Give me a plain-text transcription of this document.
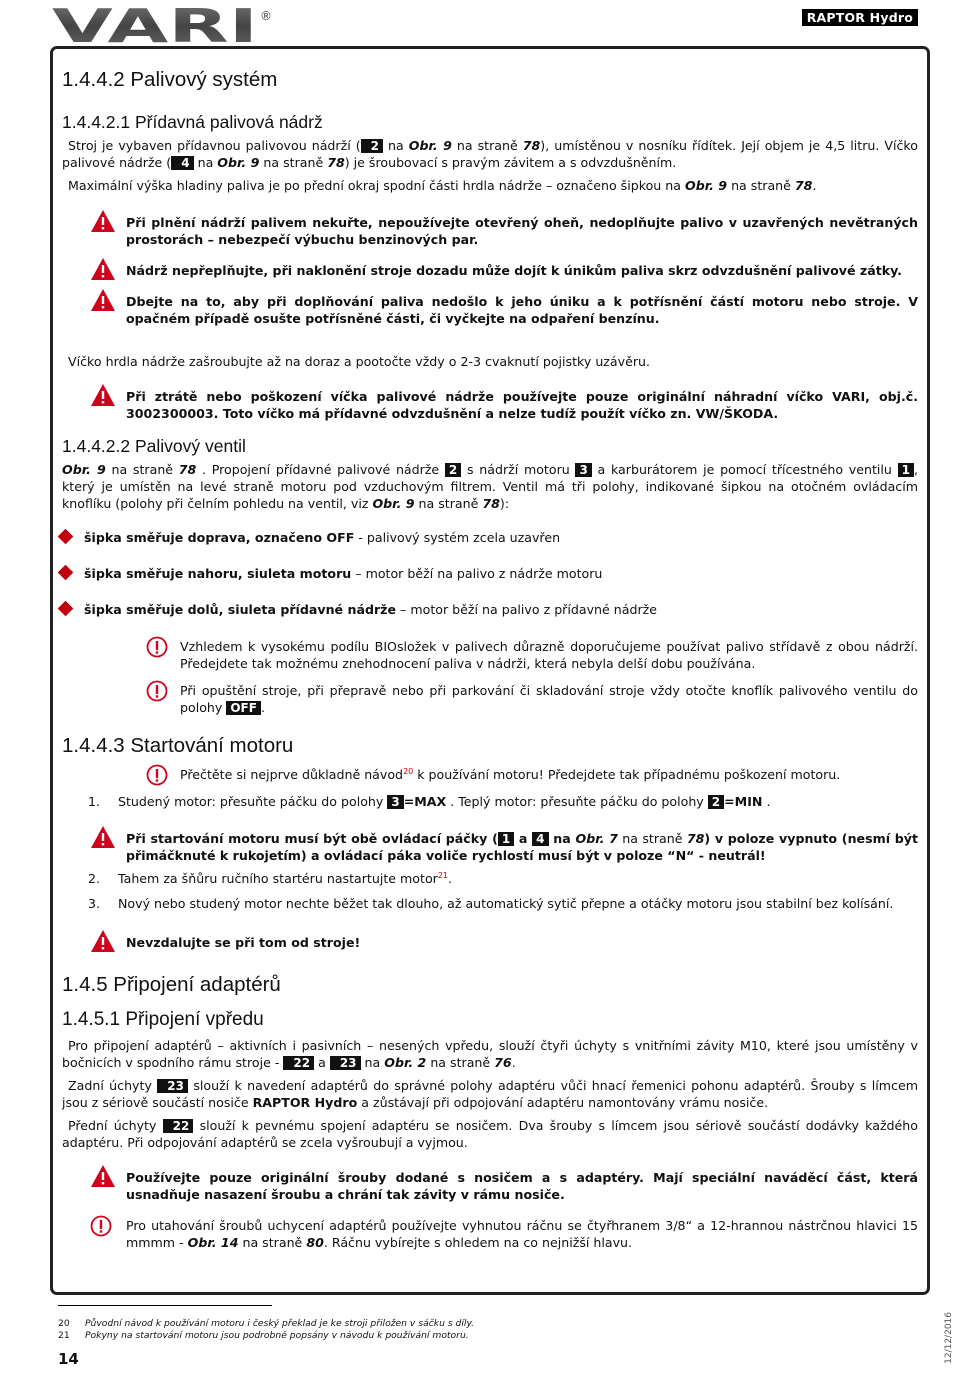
VARI ®	RAPTOR Hydro
1.4.4.2 Palivový systém
1.4.4.2.1 Přídavná palivová nádrž

Stroj je vybaven přídavnou palivovou nádrží ( 2 na Obr. 9 na straně 78), umístěnou v nosníku řídítek. Její objem je 4,5 litru. Víčko palivové nádrže ( 4 na Obr. 9 na straně 78) je šroubovací s pravým závitem a s odvzdušněním.

Maximální výška hladiny paliva je po přední okraj spodní části hrdla nádrže – označeno šipkou na Obr. 9 na straně 78.

Při plnění nádrží palivem nekuřte, nepoužívejte otevřený oheň, nedoplňujte palivo v uzavřených nevětraných prostorách – nebezpečí výbuchu benzinových par.
Nádrž nepřeplňujte, při naklonění stroje dozadu může dojít k únikům paliva skrz odvzdušnění palivové zátky.
Dbejte na to, aby při doplňování paliva nedošlo k jeho úniku a k potřísnění částí motoru nebo stroje. V opačném případě osušte potřísněné části, či vyčkejte na odpaření benzínu.

Víčko hrdla nádrže zašroubujte až na doraz a pootočte vždy o 2-3 cvaknutí pojistky uzávěru.

Při ztrátě nebo poškození víčka palivové nádrže používejte pouze originální náhradní víčko VARI, obj.č. 3002300003. Toto víčko má přídavné odvzdušnění a nelze tudíž použít víčko zn. VW/ŠKODA.
1.4.4.2.2 Palivový ventil

Obr. 9 na straně 78 . Propojení přídavné palivové nádrže 2 s nádrží motoru 3 a karburátorem je pomocí třícestného ventilu 1 , který je umístěn na levé straně motoru pod vzduchovým filtrem. Ventil má tři polohy, indikované šipkou na otočném ovládacím knoflíku (polohy při čelním pohledu na ventil, viz Obr. 9 na straně 78):

šipka směřuje doprava, označeno OFF - palivový systém zcela uzavřen
šipka směřuje nahoru, siuleta motoru – motor běží na palivo z nádrže motoru
šipka směřuje dolů, siuleta přídavné nádrže – motor běží na palivo z přídavné nádrže
Vzhledem k vysokému podílu BIOsložek v palivech důrazně doporučujeme používat palivo střídavě z obou nádrží. Předejdete tak možnému znehodnocení paliva v nádrži, která nebyla delší dobu používána.
Při opuštění stroje, při přepravě nebo při parkování či skladování stroje vždy otočte knoflík palivového ventilu do polohy OFF .
1.4.4.3 Startování motoru
Přečtěte si nejprve důkladně návod$^{20}$ k používání motoru! Předejdete tak případnému poškození motoru.
1. Studený motor: přesuňte páčku do polohy 3 =MAX . Teplý motor: přesuňte páčku do polohy 2 =MIN .
Při startování motoru musí být obě ovládací páčky ( 1 a 4 na Obr. 7 na straně 78) v poloze vypnuto (nesmí být přimáčknuté k rukojetím) a ovládací páka voliče rychlostí musí být v poloze “N“ - neutrál!
2. Tahem za šňůru ručního startéru nastartujte motor$^{21}$.
3. Nový nebo studený motor nechte běžet tak dlouho, až automatický sytič přepne a otáčky motoru jsou stabilní bez kolísání.
Nevzdalujte se při tom od stroje!
1.4.5 Připojení adaptérů
1.4.5.1 Připojení vpředu

Pro připojení adaptérů – aktivních i pasivních – nesených vpředu, slouží čtyři úchyty s vnitřními závity M10, které jsou umístěny v bočnicích v spodního rámu stroje - 22 a 23 na Obr. 2 na straně 76.

Zadní úchyty 23 slouží k navedení adaptérů do správné polohy adaptéru vůči hnací řemenici pohonu adaptérů. Šrouby s límcem jsou z sériově součástí nosiče RAPTOR Hydro a zůstávají při odpojování adaptéru namontovány vrámu nosiče.

Přední úchyty 22 slouží k pevnému spojení adaptéru se nosičem. Dva šrouby s límcem jsou sériově součástí dodávky každého adaptéru. Při odpojování adaptérů se zcela vyšroubují a vyjmou.

Používejte pouze originální šrouby dodané s nosičem a s adaptéry. Mají speciální naváděcí část, která usnadňuje nasazení šroubu a chrání tak závity v rámu nosiče.
Pro utahování šroubů uchycení adaptérů používejte vyhnutou ráčnu se čtyřhranem 3/8“ a 12-hrannou nástrčnou hlavici 15 mmmm - Obr. 14 na straně 80. Ráčnu vybírejte s ohledem na co nejnižší hlavu.
20 Původní návod k používání motoru i český překlad je ke stroji přiložen v sáčku s díly.
21 Pokyny na startování motoru jsou podrobně popsány v návodu k používání motoru.
14	12/12/2016
